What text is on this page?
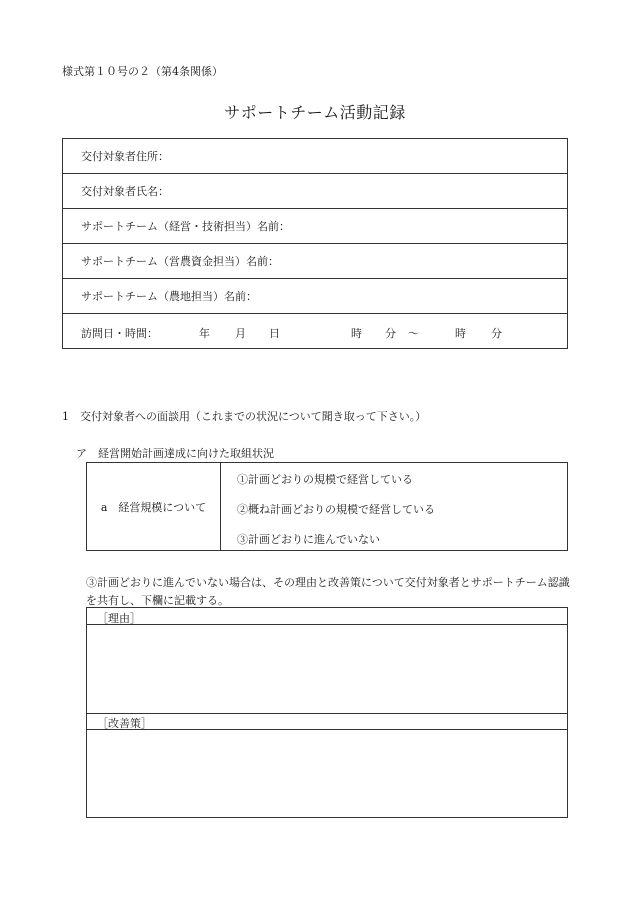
様式第１０号の２（第4条関係）
サポートチーム活動記録
交付対象者住所：
交付対象者氏名：
サポートチーム（経営・技術担当）名前：
サポートチーム（営農資金担当）名前：
サポートチーム（農地担当）名前：
訪問日・時間：	年 月 日	時 分 ～	時 分
1　交付対象者への面談用（これまでの状況について聞き取って下さい。）
ア　経営開始計画達成に向けた取組状況
a　経営規模について
①計画どおりの規模で経営している
②概ね計画どおりの規模で経営している
③計画どおりに進んでいない
③計画どおりに進んでいない場合は、その理由と改善策について交付対象者とサポートチーム認識を共有し、下欄に記載する。
［理由］
［改善策］
